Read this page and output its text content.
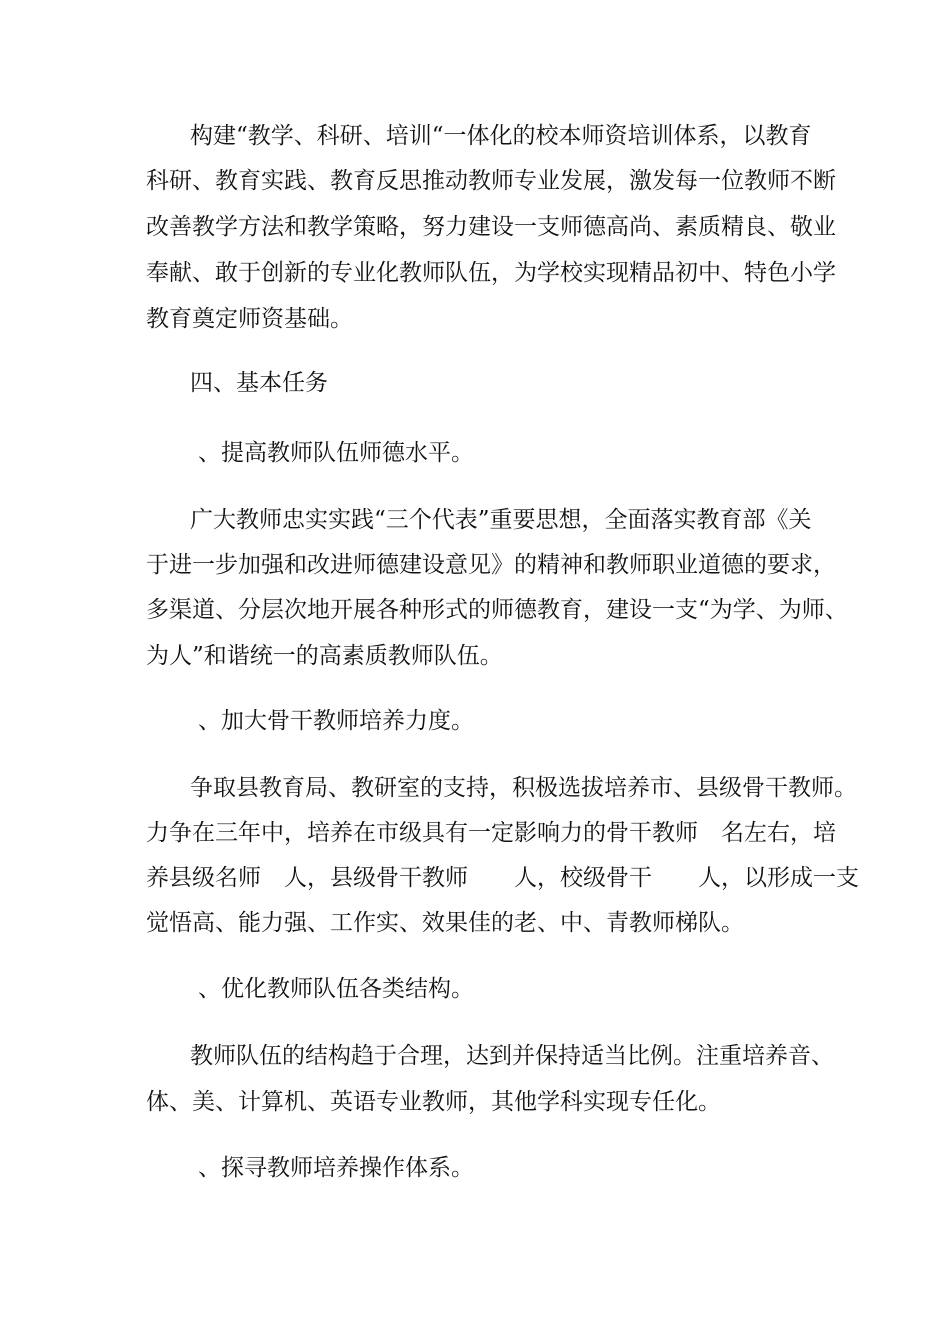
构建“教学、科研、培训“一体化的校本师资培训体系，以教育
科研、教育实践、教育反思推动教师专业发展，激发每一位教师不断
改善教学方法和教学策略，努力建设一支师德高尚、素质精良、敬业
奉献、敢于创新的专业化教师队伍，为学校实现精品初中、特色小学
教育奠定师资基础。
四、基本任务
、提高教师队伍师德水平。
广大教师忠实实践“三个代表”重要思想，全面落实教育部《关
于进一步加强和改进师德建设意见》的精神和教师职业道德的要求，
多渠道、分层次地开展各种形式的师德教育，建设一支“为学、为师、
为人”和谐统一的高素质教师队伍。
、加大骨干教师培养力度。
争取县教育局、教研室的支持，积极选拔培养市、县级骨干教师。
力争在三年中，培养在市级具有一定影响力的骨干教师　名左右，培
养县级名师　人，县级骨干教师　　人，校级骨干　　人，以形成一支
觉悟高、能力强、工作实、效果佳的老、中、青教师梯队。
、优化教师队伍各类结构。
教师队伍的结构趋于合理，达到并保持适当比例。注重培养音、
体、美、计算机、英语专业教师，其他学科实现专任化。
、探寻教师培养操作体系。
